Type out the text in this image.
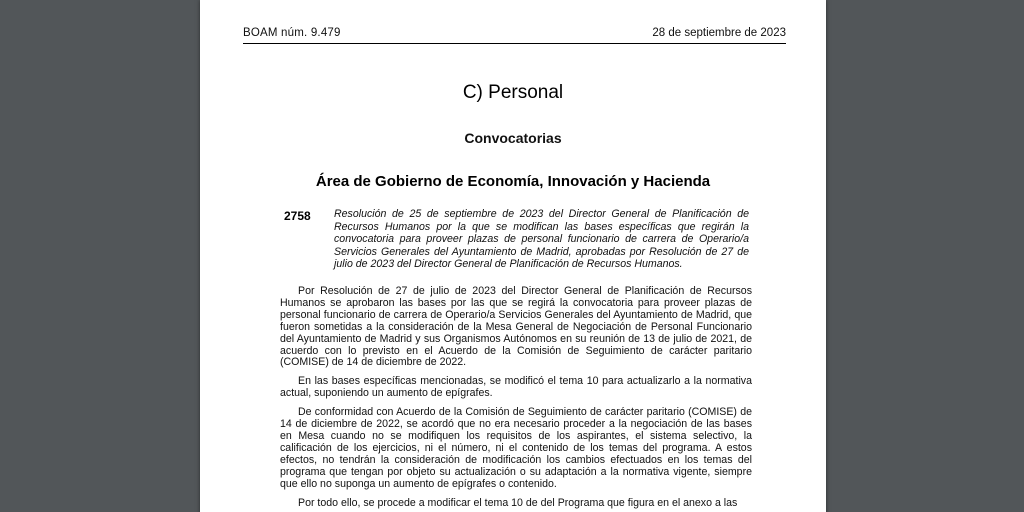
BOAM núm. 9.479	28 de septiembre de 2023
C) Personal
Convocatorias
Área de Gobierno de Economía, Innovación y Hacienda
2758 Resolución de 25 de septiembre de 2023 del Director General de Planificación de Recursos Humanos por la que se modifican las bases específicas que regirán la convocatoria para proveer plazas de personal funcionario de carrera de Operario/a Servicios Generales del Ayuntamiento de Madrid, aprobadas por Resolución de 27 de julio de 2023 del Director General de Planificación de Recursos Humanos.

Por Resolución de 27 de julio de 2023 del Director General de Planificación de Recursos Humanos se aprobaron las bases por las que se regirá la convocatoria para proveer plazas de personal funcionario de carrera de Operario/a Servicios Generales del Ayuntamiento de Madrid, que fueron sometidas a la consideración de la Mesa General de Negociación de Personal Funcionario del Ayuntamiento de Madrid y sus Organismos Autónomos en su reunión de 13 de julio de 2021, de acuerdo con lo previsto en el Acuerdo de la Comisión de Seguimiento de carácter paritario (COMISE) de 14 de diciembre de 2022.

En las bases específicas mencionadas, se modificó el tema 10 para actualizarlo a la normativa actual, suponiendo un aumento de epígrafes.

De conformidad con Acuerdo de la Comisión de Seguimiento de carácter paritario (COMISE) de 14 de diciembre de 2022, se acordó que no era necesario proceder a la negociación de las bases en Mesa cuando no se modifiquen los requisitos de los aspirantes, el sistema selectivo, la calificación de los ejercicios, ni el número, ni el contenido de los temas del programa. A estos efectos, no tendrán la consideración de modificación los cambios efectuados en los temas del programa que tengan por objeto su actualización o su adaptación a la normativa vigente, siempre que ello no suponga un aumento de epígrafes o contenido.

Por todo ello, se procede a modificar el tema 10 de del Programa que figura en el anexo a las
